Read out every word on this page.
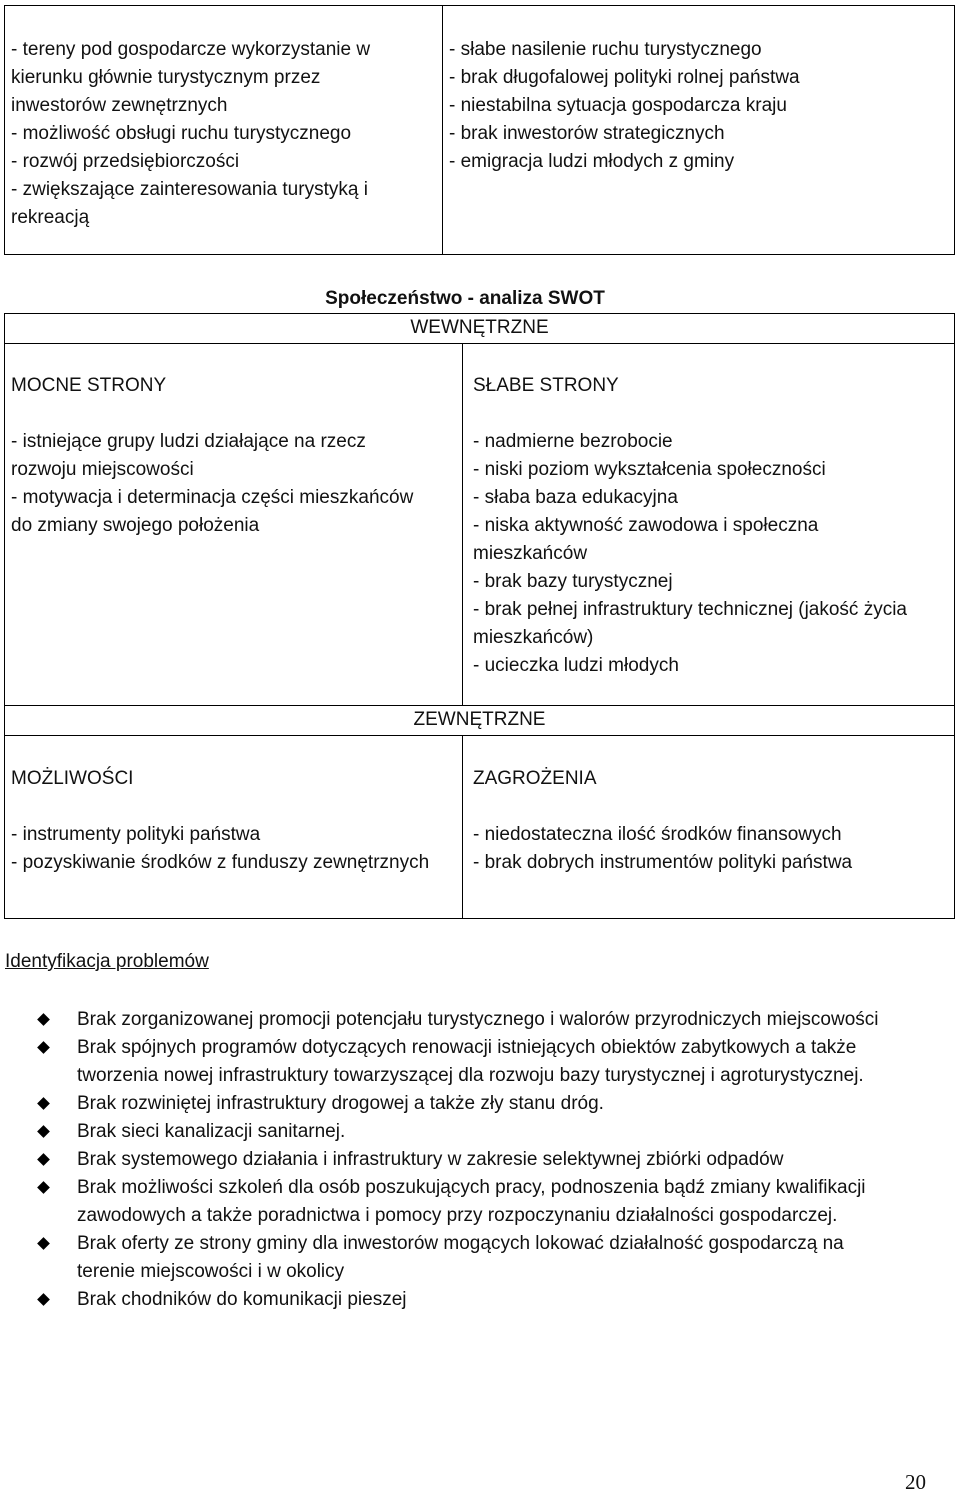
- tereny pod gospodarcze wykorzystanie w
kierunku głównie turystycznym przez
inwestorów zewnętrznych
- możliwość obsługi ruchu turystycznego
- rozwój przedsiębiorczości
- zwiększające zainteresowania turystyką i
rekreacją
- słabe nasilenie ruchu turystycznego
- brak długofalowej polityki rolnej państwa
- niestabilna sytuacja gospodarcza kraju
- brak inwestorów strategicznych
- emigracja ludzi młodych z gminy
Społeczeństwo - analiza SWOT
WEWNĘTRZNE
MOCNE STRONY
- istniejące grupy ludzi działające na rzecz
rozwoju miejscowości
- motywacja i determinacja części mieszkańców
do zmiany swojego położenia
SŁABE STRONY
- nadmierne bezrobocie
- niski poziom wykształcenia społeczności
- słaba baza edukacyjna
- niska aktywność zawodowa i społeczna
mieszkańców
- brak bazy turystycznej
- brak pełnej infrastruktury technicznej (jakość życia
mieszkańców)
- ucieczka ludzi młodych
ZEWNĘTRZNE
MOŻLIWOŚCI
- instrumenty polityki państwa
- pozyskiwanie środków z funduszy zewnętrznych
ZAGROŻENIA
- niedostateczna ilość środków finansowych
- brak dobrych instrumentów polityki państwa
Identyfikacja problemów
Brak zorganizowanej promocji potencjału turystycznego i walorów przyrodniczych miejscowości
Brak spójnych programów dotyczących renowacji istniejących obiektów zabytkowych a także
tworzenia nowej infrastruktury towarzyszącej dla rozwoju bazy turystycznej i agroturystycznej.
Brak rozwiniętej infrastruktury drogowej a także zły stanu dróg.
Brak sieci kanalizacji sanitarnej.
Brak systemowego działania i infrastruktury w zakresie selektywnej zbiórki odpadów
Brak możliwości szkoleń dla osób poszukujących pracy, podnoszenia bądź zmiany kwalifikacji
zawodowych a także poradnictwa i pomocy przy rozpoczynaniu działalności gospodarczej.
Brak oferty ze strony gminy dla inwestorów mogących lokować działalność gospodarczą na
terenie miejscowości i w okolicy
Brak chodników do komunikacji pieszej
20
